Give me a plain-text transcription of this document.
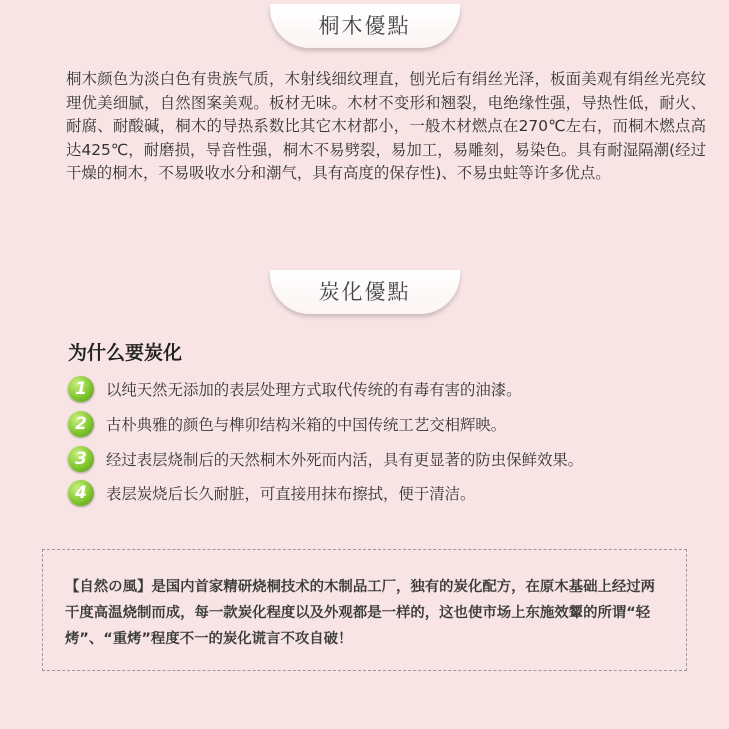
桐木優點
桐木颜色为淡白色有贵族气质，木射线细纹理直，刨光后有绢丝光泽，板面美观有绢丝光亮纹理优美细腻，自然图案美观。板材无味。木材不变形和翘裂，电绝缘性强，导热性低，耐火、耐腐、耐酸碱，桐木的导热系数比其它木材都小，一般木材燃点在270℃左右，而桐木燃点高达425℃，耐磨损，导音性强，桐木不易劈裂，易加工，易雕刻，易染色。具有耐湿隔潮(经过干燥的桐木，不易吸收水分和潮气，具有高度的保存性)、不易虫蛀等许多优点。
炭化優點
为什么要炭化
1	以纯天然无添加的表层处理方式取代传统的有毒有害的油漆。
2	古朴典雅的颜色与榫卯结构米箱的中国传统工艺交相辉映。
3	经过表层烧制后的天然桐木外死而内活，具有更显著的防虫保鲜效果。
4	表层炭烧后长久耐脏，可直接用抹布擦拭，便于清洁。
【自然の風】是国内首家精研烧桐技术的木制品工厂，独有的炭化配方，在原木基础上经过两干度高温烧制而成，每一款炭化程度以及外观都是一样的，这也使市场上东施效颦的所谓“轻烤”、“重烤”程度不一的炭化谎言不攻自破！
